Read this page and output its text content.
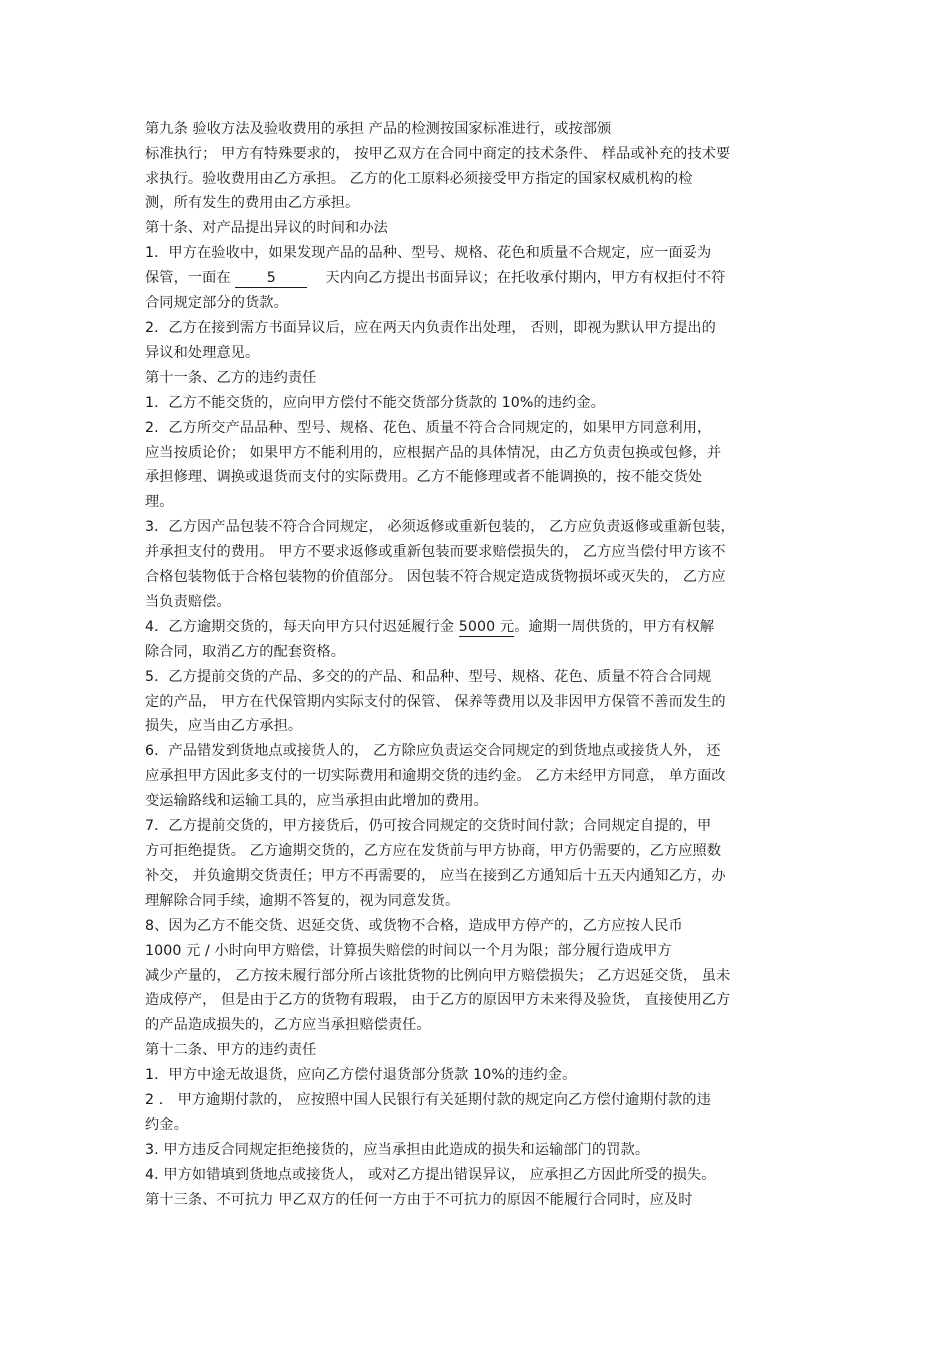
第九条 验收方法及验收费用的承担 产品的检测按国家标准进行，或按部颁
标准执行； 甲方有特殊要求的， 按甲乙双方在合同中商定的技术条件、 样品或补充的技术要
求执行。验收费用由乙方承担。 乙方的化工原料必须接受甲方指定的国家权威机构的检
测，所有发生的费用由乙方承担。
第十条、对产品提出异议的时间和办法
1．甲方在验收中，如果发现产品的品种、型号、规格、花色和质量不合规定，应一面妥为
保管，一面在 5	天内向乙方提出书面异议；在托收承付期内，甲方有权拒付不符
合同规定部分的货款。
2．乙方在接到需方书面异议后，应在两天内负责作出处理， 否则，即视为默认甲方提出的
异议和处理意见。
第十一条、乙方的违约责任
1．乙方不能交货的，应向甲方偿付不能交货部分货款的 10%的违约金。
2．乙方所交产品品种、型号、规格、花色、质量不符合合同规定的，如果甲方同意利用，
应当按质论价； 如果甲方不能利用的，应根据产品的具体情况，由乙方负责包换或包修，并
承担修理、调换或退货而支付的实际费用。乙方不能修理或者不能调换的，按不能交货处
理。
3．乙方因产品包装不符合合同规定， 必须返修或重新包装的， 乙方应负责返修或重新包装，
并承担支付的费用。 甲方不要求返修或重新包装而要求赔偿损失的， 乙方应当偿付甲方该不
合格包装物低于合格包装物的价值部分。 因包装不符合规定造成货物损坏或灭失的， 乙方应
当负责赔偿。
4．乙方逾期交货的，每天向甲方只付迟延履行金 5000 元。逾期一周供货的，甲方有权解
除合同，取消乙方的配套资格。
5．乙方提前交货的产品、多交的的产品、和品种、型号、规格、花色、质量不符合合同规
定的产品， 甲方在代保管期内实际支付的保管、 保养等费用以及非因甲方保管不善而发生的
损失，应当由乙方承担。
6．产品错发到货地点或接货人的， 乙方除应负责运交合同规定的到货地点或接货人外， 还
应承担甲方因此多支付的一切实际费用和逾期交货的违约金。 乙方未经甲方同意， 单方面改
变运输路线和运输工具的，应当承担由此增加的费用。
7．乙方提前交货的，甲方接货后，仍可按合同规定的交货时间付款；合同规定自提的，甲
方可拒绝提货。 乙方逾期交货的，乙方应在发货前与甲方协商，甲方仍需要的，乙方应照数
补交， 并负逾期交货责任；甲方不再需要的， 应当在接到乙方通知后十五天内通知乙方，办
理解除合同手续，逾期不答复的，视为同意发货。
8、因为乙方不能交货、迟延交货、或货物不合格，造成甲方停产的，乙方应按人民币
1000 元 / 小时向甲方赔偿，计算损失赔偿的时间以一个月为限；部分履行造成甲方
减少产量的， 乙方按未履行部分所占该批货物的比例向甲方赔偿损失； 乙方迟延交货， 虽未
造成停产， 但是由于乙方的货物有瑕瑕， 由于乙方的原因甲方未来得及验货， 直接使用乙方
的产品造成损失的，乙方应当承担赔偿责任。
第十二条、甲方的违约责任
1．甲方中途无故退货，应向乙方偿付退货部分货款 10%的违约金。
2 ． 甲方逾期付款的， 应按照中国人民银行有关延期付款的规定向乙方偿付逾期付款的违
约金。
3. 甲方违反合同规定拒绝接货的，应当承担由此造成的损失和运输部门的罚款。
4. 甲方如错填到货地点或接货人， 或对乙方提出错误异议， 应承担乙方因此所受的损失。
第十三条、不可抗力 甲乙双方的任何一方由于不可抗力的原因不能履行合同时，应及时
